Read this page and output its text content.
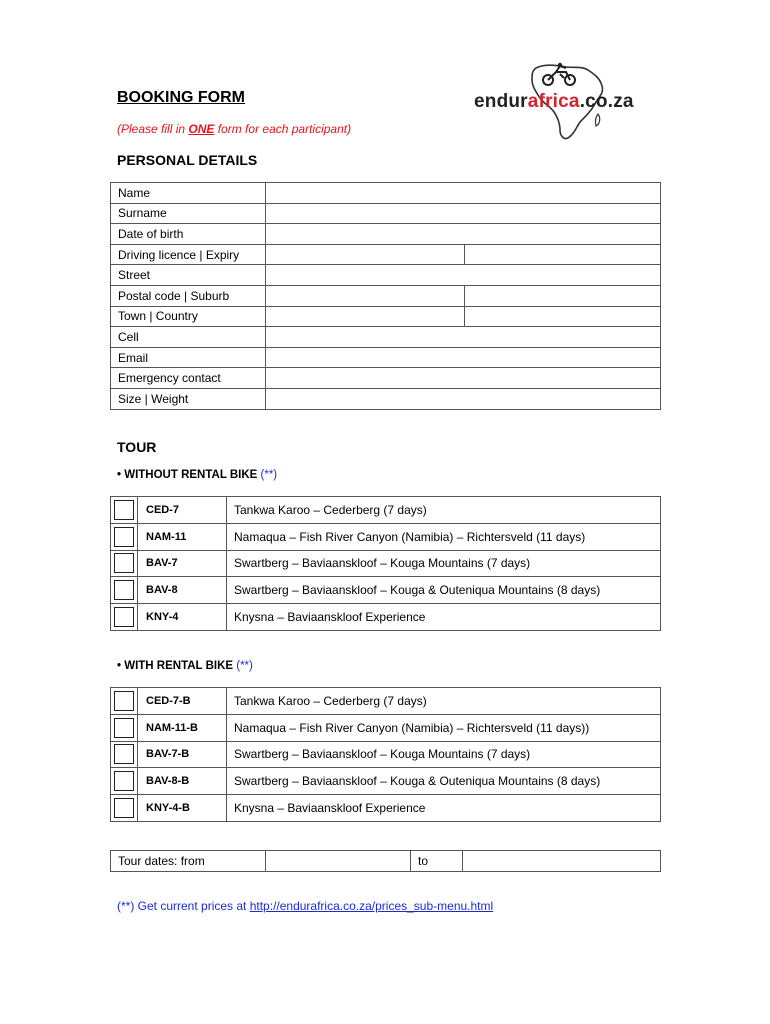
BOOKING FORM
(Please fill in ONE form for each participant)
endurafrica.co.za
PERSONAL DETAILS
Name		
Surname		
Date of birth		
Driving licence | Expiry		
Street		
Postal code | Suburb		
Town | Country		
Cell		
Email		
Emergency contact		
Size | Weight		
TOUR
• WITHOUT RENTAL BIKE (**)
	CED-7	Tankwa Karoo – Cederberg (7 days)
	NAM-11	Namaqua – Fish River Canyon (Namibia) – Richtersveld (11 days)
	BAV-7	Swartberg – Baviaanskloof – Kouga Mountains (7 days)
	BAV-8	Swartberg – Baviaanskloof – Kouga & Outeniqua Mountains (8 days)
	KNY-4	Knysna – Baviaanskloof Experience
• WITH RENTAL BIKE (**)
	CED-7-B	Tankwa Karoo – Cederberg (7 days)
	NAM-11-B	Namaqua – Fish River Canyon (Namibia) – Richtersveld (11 days))
	BAV-7-B	Swartberg – Baviaanskloof – Kouga Mountains (7 days)
	BAV-8-B	Swartberg – Baviaanskloof – Kouga & Outeniqua Mountains (8 days)
	KNY-4-B	Knysna – Baviaanskloof Experience
Tour dates: from		to	
(**) Get current prices at http://endurafrica.co.za/prices_sub-menu.html
